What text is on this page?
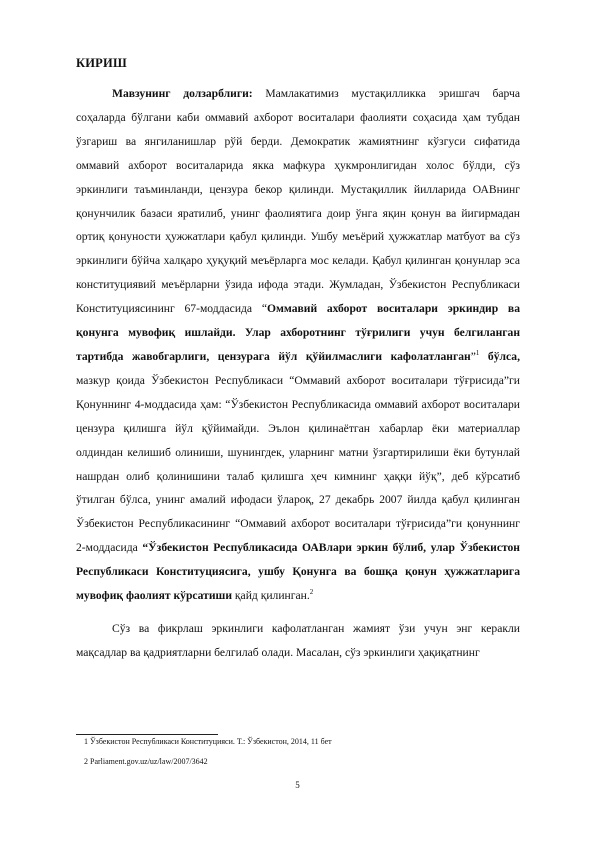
КИРИШ

Мавзунинг долзарблиги: Мамлакатимиз мустақилликка эришгач барча соҳаларда бўлгани каби оммавий ахборот воситалари фаолияти соҳасида ҳам тубдан ўзгариш ва янгиланишлар рўй берди. Демократик жамиятнинг кўзгуси сифатида оммавий ахборот воситаларида якка мафкура ҳукмронлигидан холос бўлди, сўз эркинлиги таъминланди, цензура бекор қилинди. Мустақиллик йилларида ОАВнинг қонунчилик базаси яратилиб, унинг фаолиятига доир ўнга яқин қонун ва йигирмадан ортиқ қонуности ҳужжатлари қабул қилинди. Ушбу меъёрий ҳужжатлар матбуот ва сўз эркинлиги бўйча халқаро ҳуқуқий меъёрларга мос келади. Қабул қилинган қонунлар эса конституциявий меъёрларни ўзида ифода этади. Жумладан, Ўзбекистон Республикаси Конституциясининг 67-моддасида “Оммавий ахборот воситалари эркиндир ва қонунга мувофиқ ишлайди. Улар ахборотнинг тўғрилиги учун белгиланган тартибда жавобгарлиги, цензурага йўл қўйилмаслиги кафолатланган”$^1$ бўлса, мазкур қоида Ўзбекистон Республикаси “Оммавий ахборот воситалари тўғрисида”ги Қонуннинг 4-моддасида ҳам: “Ўзбекистон Республикасида оммавий ахборот воситалари цензура қилишга йўл қўйимайди. Эълон қилинаётган хабарлар ёки материаллар олдиндан келишиб олиниши, шунингдек, уларнинг матни ўзгартирилиши ёки бутунлай нашрдан олиб қолинишини талаб қилишга ҳеч кимнинг ҳаққи йўқ”, деб кўрсатиб ўтилган бўлса, унинг амалий ифодаси ўлароқ, 27 декабрь 2007 йилда қабул қилинган Ўзбекистон Республикасининг “Оммавий ахборот воситалари тўғрисида”ги қонуннинг 2-моддасида “Ўзбекистон Республикасида ОАВлари эркин бўлиб, улар Ўзбекистон Республикаси Конституциясига, ушбу Қонунга ва бошқа қонун ҳужжатларига мувофиқ фаолият кўрсатиши қайд қилинган.$^2$

Сўз ва фикрлаш эркинлиги кафолатланган жамият ўзи учун энг керакли мақсадлар ва қадриятларни белгилаб олади. Масалан, сўз эркинлиги ҳақиқатнинг

1 Ўзбекистон Республикаси Конституцияси. Т.: Ўзбекистон, 2014, 11 бет

2 Parliament.gov.uz/uz/law/2007/3642

5
